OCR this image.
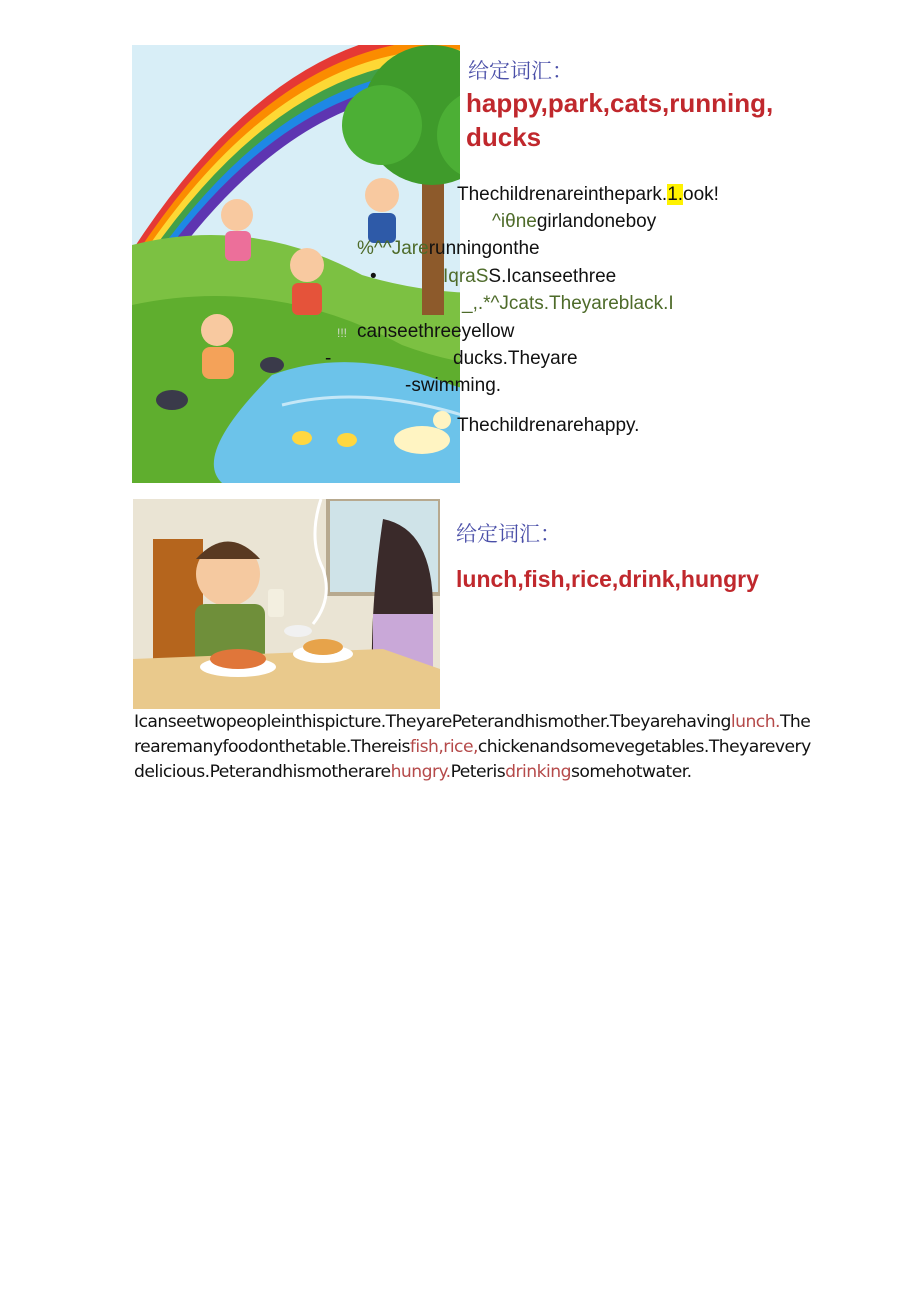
给定词汇：
happy,park,cats,running,
ducks
Thechildrenareinthepark.1.ook!
^iθnegirlandoneboy
%^^Jarerunningonthe
•	IqraSS.Icanseethree
_,.*^Jcats.Theyareblack.I
!!! canseethreeyellow
-	ducks.Theyare
-swimming.
Thechildrenarehappy.
给定词汇：
lunch,fish,rice,drink,hungry
Icanseetwopeopleinthispicture.TheyarePeterandhismother.Tbeyarehavinglunch.Therearemanyfoodonthetable.Thereisfish,rice,chickenandsomevegetables.Theyareverydelicious.Peterandhismotherarehungry.Peterisdrinkingsomehotwater.
